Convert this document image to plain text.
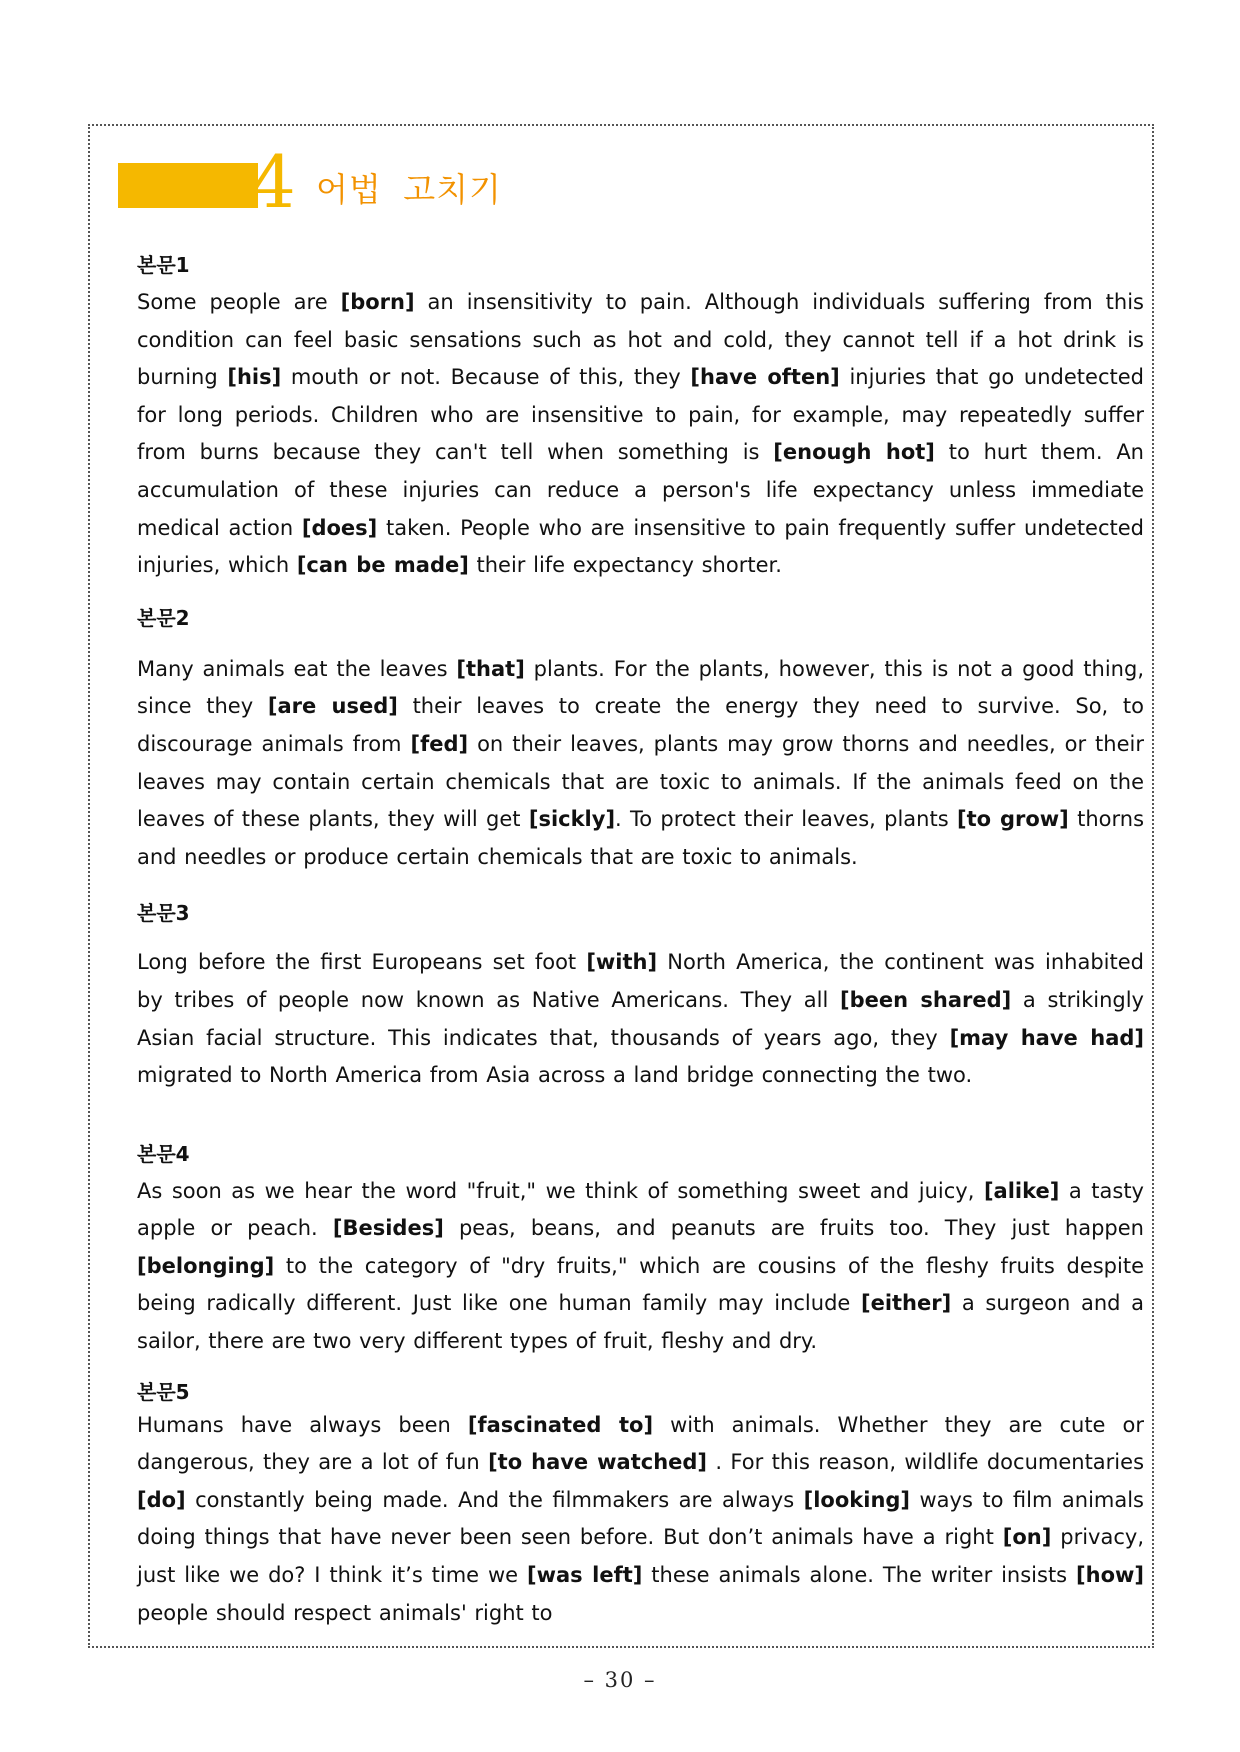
4 어법 고치기

본문1

Some people are [born] an insensitivity to pain. Although individuals suffering from this condition can feel basic sensations such as hot and cold, they cannot tell if a hot drink is burning [his] mouth or not. Because of this, they [have often] injuries that go undetected for long periods. Children who are insensitive to pain, for example, may repeatedly suffer from burns because they can't tell when something is [enough hot] to hurt them. An accumulation of these injuries can reduce a person's life expectancy unless immediate medical action [does] taken. People who are insensitive to pain frequently suffer undetected injuries, which [can be made] their life expectancy shorter.

본문2

Many animals eat the leaves [that] plants. For the plants, however, this is not a good thing, since they [are used] their leaves to create the energy they need to survive. So, to discourage animals from [fed] on their leaves, plants may grow thorns and needles, or their leaves may contain certain chemicals that are toxic to animals. If the animals feed on the leaves of these plants, they will get [sickly]. To protect their leaves, plants [to grow] thorns and needles or produce certain chemicals that are toxic to animals.

본문3

Long before the first Europeans set foot [with] North America, the continent was inhabited by tribes of people now known as Native Americans. They all [been shared] a strikingly Asian facial structure. This indicates that, thousands of years ago, they [may have had] migrated to North America from Asia across a land bridge connecting the two.

본문4

As soon as we hear the word "fruit," we think of something sweet and juicy, [alike] a tasty apple or peach. [Besides] peas, beans, and peanuts are fruits too. They just happen [belonging] to the category of "dry fruits," which are cousins of the fleshy fruits despite being radically different. Just like one human family may include [either] a surgeon and a sailor, there are two very different types of fruit, fleshy and dry.

본문5

Humans have always been [fascinated to] with animals. Whether they are cute or dangerous, they are a lot of fun [to have watched] . For this reason, wildlife documentaries [do] constantly being made. And the filmmakers are always [looking] ways to film animals doing things that have never been seen before. But don’t animals have a right [on] privacy, just like we do? I think it’s time we [was left] these animals alone. The writer insists [how] people should respect animals' right to

– 30 –
